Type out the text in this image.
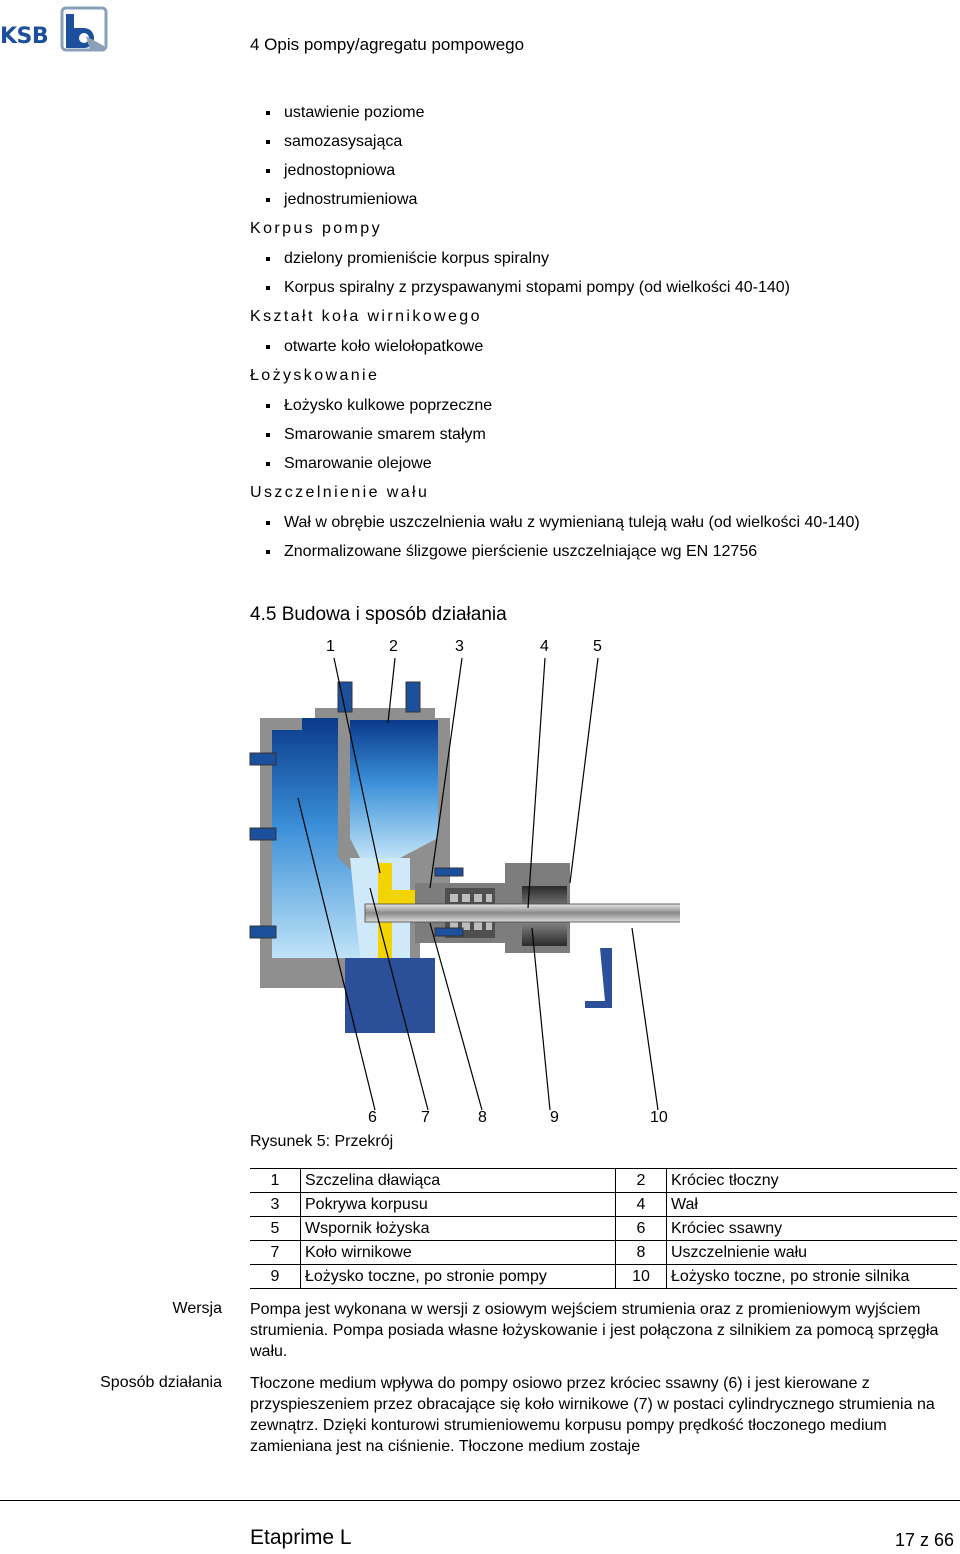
KSB	4 Opis pompy/agregatu pompowego
ustawienie poziome
samozasysająca
jednostopniowa
jednostrumieniowa
Korpus pompy
dzielony promieniście korpus spiralny
Korpus spiralny z przyspawanymi stopami pompy (od wielkości 40-140)
Kształt koła wirnikowego
otwarte koło wielołopatkowe
Łożyskowanie
Łożysko kulkowe poprzeczne
Smarowanie smarem stałym
Smarowanie olejowe
Uszczelnienie wału
Wał w obrębie uszczelnienia wału z wymienianą tuleją wału (od wielkości 40-140)
Znormalizowane ślizgowe pierścienie uszczelniające wg EN 12756
4.5 Budowa i sposób działania
1	2	3	4	5
6	7	8	9	10
Rysunek 5: Przekrój
1	Szczelina dławiąca	2	Króciec tłoczny
3	Pokrywa korpusu	4	Wał
5	Wspornik łożyska	6	Króciec ssawny
7	Koło wirnikowe	8	Uszczelnienie wału
9	Łożysko toczne, po stronie pompy	10	Łożysko toczne, po stronie silnika
Wersja Pompa jest wykonana w wersji z osiowym wejściem strumienia oraz z promieniowym wyjściem strumienia. Pompa posiada własne łożyskowanie i jest połączona z silnikiem za pomocą sprzęgła wału.
Sposób działania Tłoczone medium wpływa do pompy osiowo przez króciec ssawny (6) i jest kierowane z przyspieszeniem przez obracające się koło wirnikowe (7) w postaci cylindrycznego strumienia na zewnątrz. Dzięki konturowi strumieniowemu korpusu pompy prędkość tłoczonego medium zamieniana jest na ciśnienie. Tłoczone medium zostaje
Etaprime L	17 z 66
